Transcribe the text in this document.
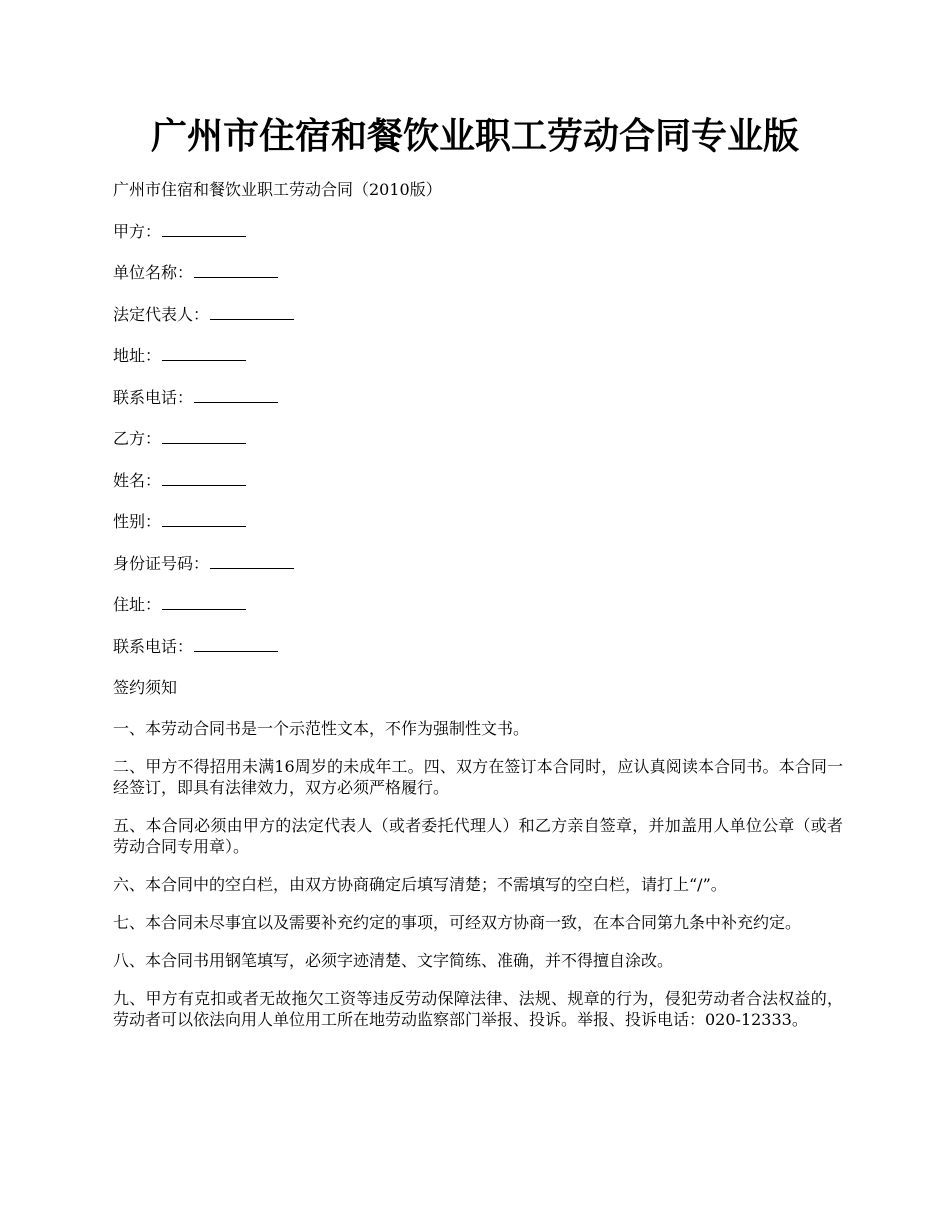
广州市住宿和餐饮业职工劳动合同专业版
广州市住宿和餐饮业职工劳动合同（2010版）
甲方：
单位名称：
法定代表人：
地址：
联系电话：
乙方：
姓名：
性别：
身份证号码：
住址：
联系电话：
签约须知
一、本劳动合同书是一个示范性文本，不作为强制性文书。
二、甲方不得招用未满16周岁的未成年工。四、双方在签订本合同时，应认真阅读本合同书。本合同一经签订，即具有法律效力，双方必须严格履行。
五、本合同必须由甲方的法定代表人（或者委托代理人）和乙方亲自签章，并加盖用人单位公章（或者劳动合同专用章）。
六、本合同中的空白栏，由双方协商确定后填写清楚；不需填写的空白栏，请打上“/”。
七、本合同未尽事宜以及需要补充约定的事项，可经双方协商一致，在本合同第九条中补充约定。
八、本合同书用钢笔填写，必须字迹清楚、文字简练、准确，并不得擅自涂改。
九、甲方有克扣或者无故拖欠工资等违反劳动保障法律、法规、规章的行为，侵犯劳动者合法权益的，劳动者可以依法向用人单位用工所在地劳动监察部门举报、投诉。举报、投诉电话：020-12333。
